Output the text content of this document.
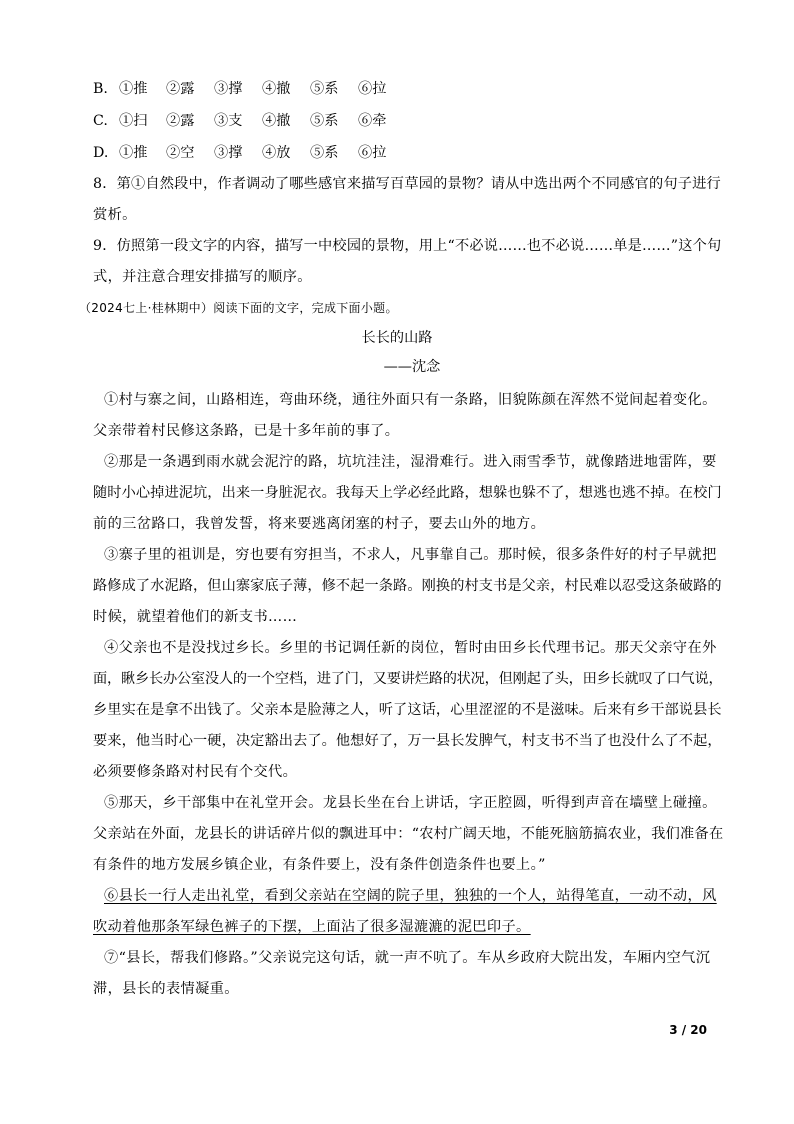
B. ①推 ②露 ③撑 ④撤 ⑤系 ⑥拉
C. ①扫 ②露 ③支 ④撤 ⑤系 ⑥牵
D. ①推 ②空 ③撑 ④放 ⑤系 ⑥拉
8．第①自然段中，作者调动了哪些感官来描写百草园的景物？请从中选出两个不同感官的句子进行
赏析。
9．仿照第一段文字的内容，描写一中校园的景物，用上“不必说……也不必说……单是……”这个句
式，并注意合理安排描写的顺序。
（2024七上·桂林期中）阅读下面的文字，完成下面小题。
长长的山路
——沈念
①村与寨之间，山路相连，弯曲环绕，通往外面只有一条路，旧貌陈颜在浑然不觉间起着变化。
父亲带着村民修这条路，已是十多年前的事了。
②那是一条遇到雨水就会泥泞的路，坑坑洼洼，湿滑难行。进入雨雪季节，就像踏进地雷阵，要
随时小心掉进泥坑，出来一身脏泥衣。我每天上学必经此路，想躲也躲不了，想逃也逃不掉。在校门
前的三岔路口，我曾发誓，将来要逃离闭塞的村子，要去山外的地方。
③寨子里的祖训是，穷也要有穷担当，不求人，凡事靠自己。那时候，很多条件好的村子早就把
路修成了水泥路，但山寨家底子薄，修不起一条路。刚换的村支书是父亲，村民难以忍受这条破路的
时候，就望着他们的新支书……
④父亲也不是没找过乡长。乡里的书记调任新的岗位，暂时由田乡长代理书记。那天父亲守在外
面，瞅乡长办公室没人的一个空档，进了门，又要讲烂路的状况，但刚起了头，田乡长就叹了口气说，
乡里实在是拿不出钱了。父亲本是脸薄之人，听了这话，心里涩涩的不是滋味。后来有乡干部说县长
要来，他当时心一硬，决定豁出去了。他想好了，万一县长发脾气，村支书不当了也没什么了不起，
必须要修条路对村民有个交代。
⑤那天，乡干部集中在礼堂开会。龙县长坐在台上讲话，字正腔圆，听得到声音在墙壁上碰撞。
父亲站在外面，龙县长的讲话碎片似的飘进耳中：“农村广阔天地，不能死脑筋搞农业，我们准备在
有条件的地方发展乡镇企业，有条件要上，没有条件创造条件也要上。”
⑥县长一行人走出礼堂，看到父亲站在空阔的院子里，独独的一个人，站得笔直，一动不动，风
吹动着他那条军绿色裤子的下摆，上面沾了很多湿漉漉的泥巴印子。
⑦“县长，帮我们修路。”父亲说完这句话，就一声不吭了。车从乡政府大院出发，车厢内空气沉
滞，县长的表情凝重。
3 / 20
